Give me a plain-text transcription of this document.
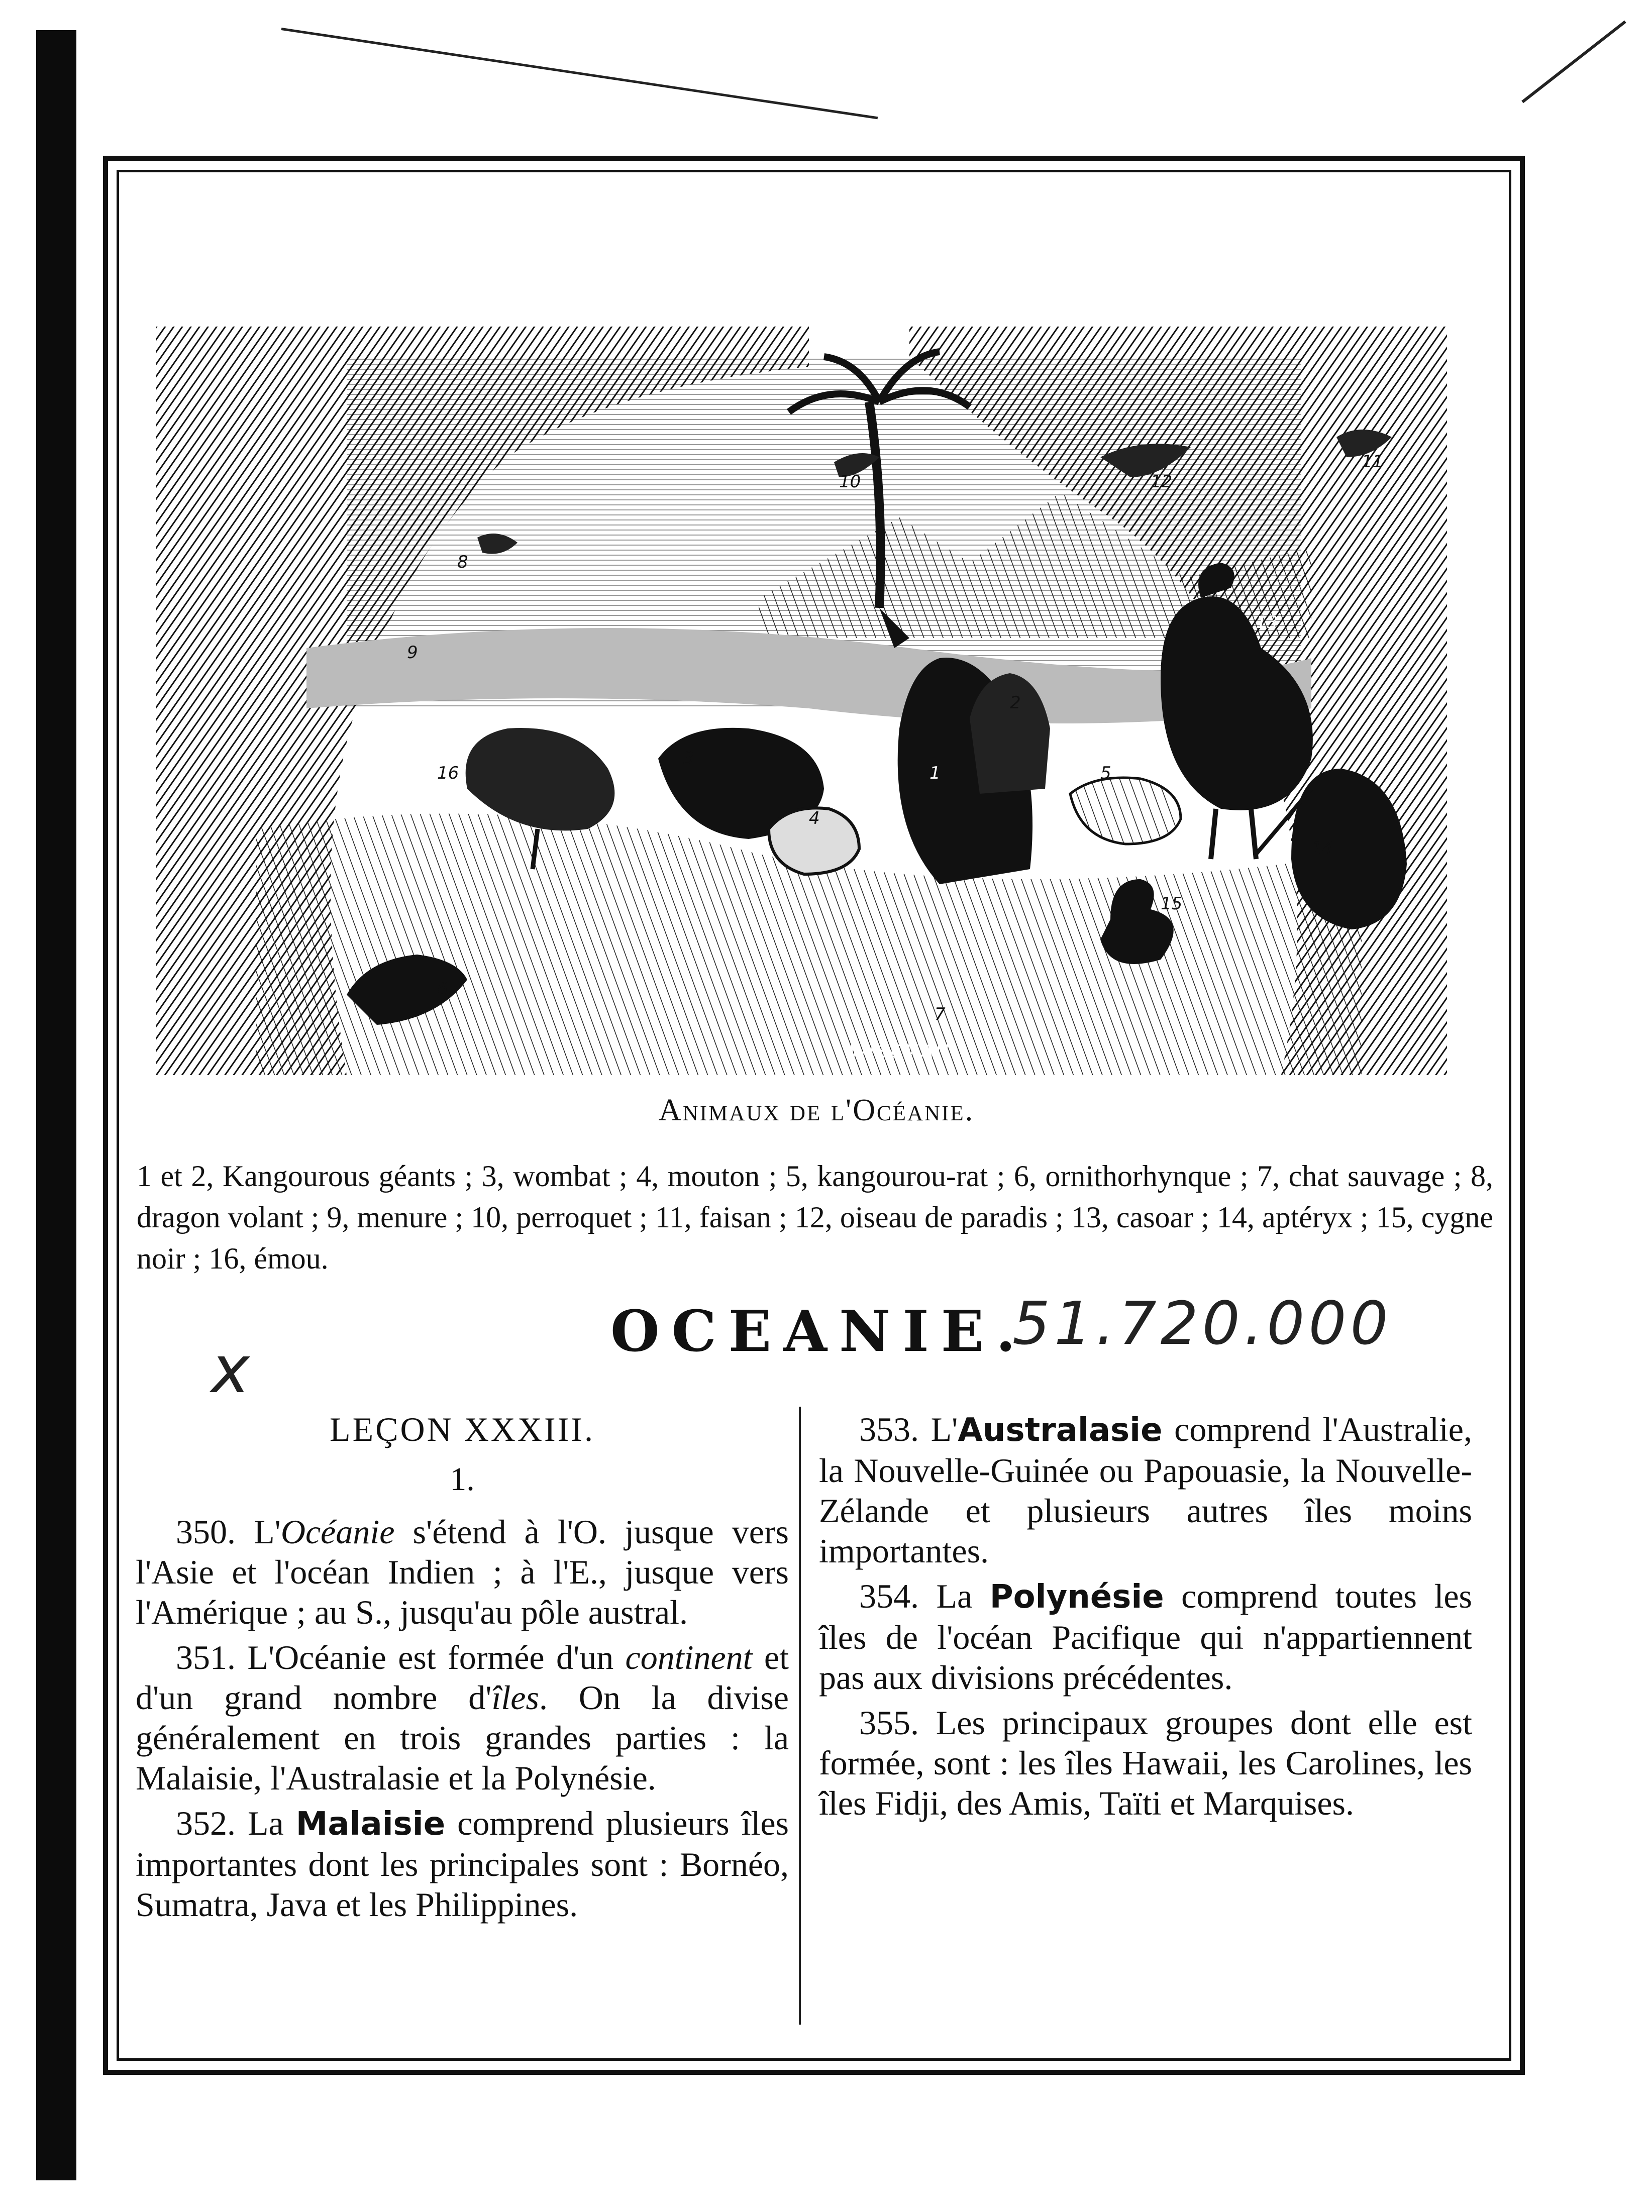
1
2
3
4
5
6
7
8
9
10
11
12
13
14
15
16
WISEMAN
Animaux de l'Océanie.
1 et 2, Kangourous géants ; 3, wombat ; 4, mouton ; 5, kangourou-rat ; 6, ornithorhynque ; 7, chat sauvage ; 8, dragon volant ; 9, menure ; 10, perroquet ; 11, faisan ; 12, oiseau de paradis ; 13, casoar ; 14, aptéryx ; 15, cygne noir ; 16, émou.
x	OCEANIE.
51.720.000
LEÇON XXXIII.
1.

350. L'Océanie s'étend à l'O. jusque vers l'Asie et l'océan Indien ; à l'E., jusque vers l'Amérique ; au S., jusqu'au pôle austral.

351. L'Océanie est formée d'un continent et d'un grand nombre d'îles. On la divise généralement en trois grandes parties : la Malaisie, l'Australasie et la Polynésie.

352. La Malaisie comprend plusieurs îles importantes dont les principales sont : Bornéo, Sumatra, Java et les Philippines.

353. L'Australasie comprend l'Australie, la Nouvelle-Guinée ou Papouasie, la Nouvelle-Zélande et plusieurs autres îles moins importantes.

354. La Polynésie comprend toutes les îles de l'océan Pacifique qui n'appartiennent pas aux divisions précédentes.

355. Les principaux groupes dont elle est formée, sont : les îles Hawaii, les Carolines, les îles Fidji, des Amis, Taïti et Marquises.
